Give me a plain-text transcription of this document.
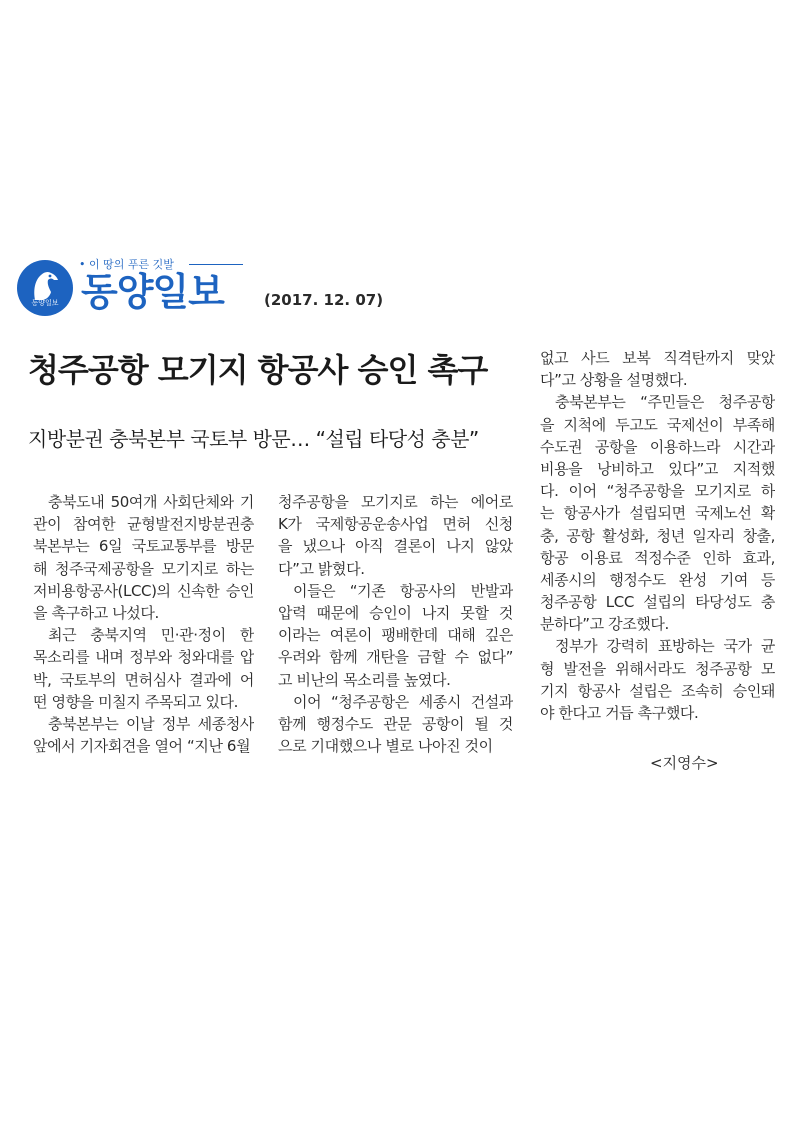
동양일보
• 이 땅의 푸른 깃발
동양일보	(2017. 12. 07)
청주공항 모기지 항공사 승인 촉구
지방분권 충북본부 국토부 방문… “설립 타당성 충분”
충북도내 50여개 사회단체와 기
관이 참여한 균형발전지방분권충
북본부는 6일 국토교통부를 방문
해 청주국제공항을 모기지로 하는
저비용항공사(LCC)의 신속한 승인
을 촉구하고 나섰다.
최근 충북지역 민·관·정이 한
목소리를 내며 정부와 청와대를 압
박, 국토부의 면허심사 결과에 어
떤 영향을 미칠지 주목되고 있다.
충북본부는 이날 정부 세종청사
앞에서 기자회견을 열어 “지난 6월
청주공항을 모기지로 하는 에어로
K가 국제항공운송사업 면허 신청
을 냈으나 아직 결론이 나지 않았
다”고 밝혔다.
이들은 “기존 항공사의 반발과
압력 때문에 승인이 나지 못할 것
이라는 여론이 팽배한데 대해 깊은
우려와 함께 개탄을 금할 수 없다”
고 비난의 목소리를 높였다.
이어 “청주공항은 세종시 건설과
함께 행정수도 관문 공항이 될 것
으로 기대했으나 별로 나아진 것이
없고 사드 보복 직격탄까지 맞았
다”고 상황을 설명했다.
충북본부는 “주민들은 청주공항
을 지척에 두고도 국제선이 부족해
수도권 공항을 이용하느라 시간과
비용을 낭비하고 있다”고 지적했
다. 이어 “청주공항을 모기지로 하
는 항공사가 설립되면 국제노선 확
충, 공항 활성화, 청년 일자리 창출,
항공 이용료 적정수준 인하 효과,
세종시의 행정수도 완성 기여 등
청주공항 LCC 설립의 타당성도 충
분하다”고 강조했다.
정부가 강력히 표방하는 국가 균
형 발전을 위해서라도 청주공항 모
기지 항공사 설립은 조속히 승인돼
야 한다고 거듭 촉구했다.
<지영수>
